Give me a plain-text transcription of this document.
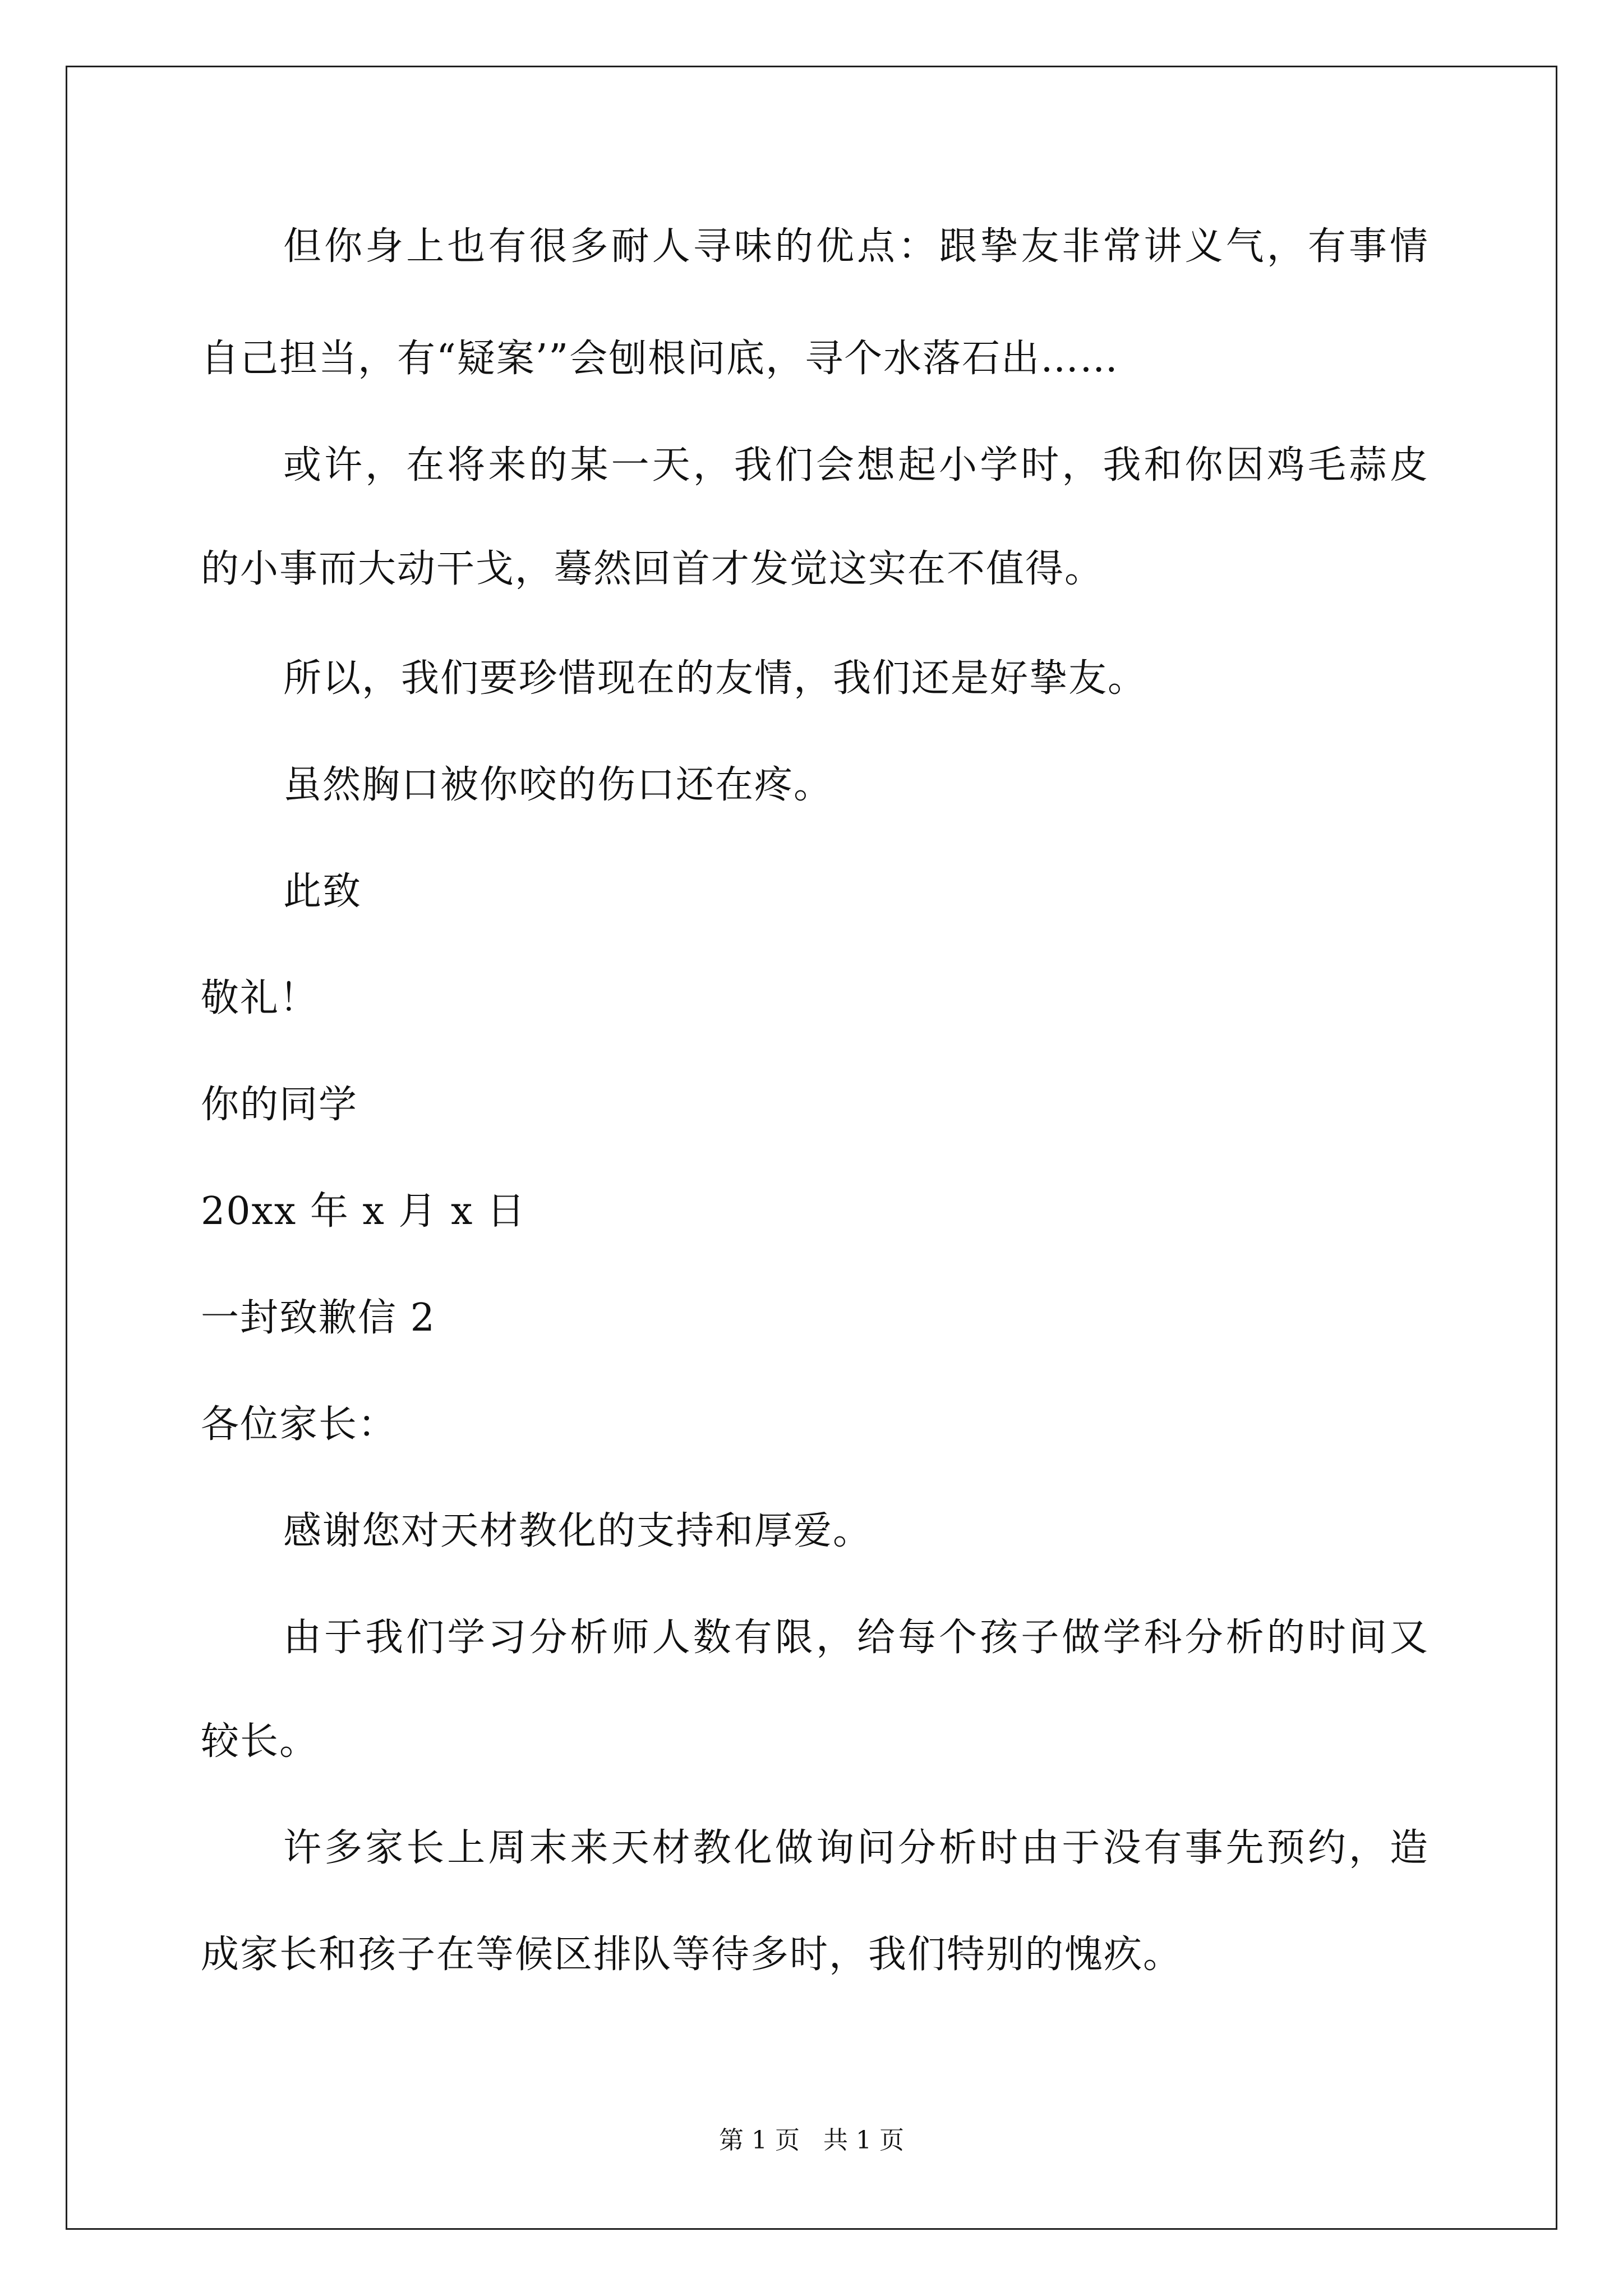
但你身上也有很多耐人寻味的优点：跟挚友非常讲义气，有事情
自己担当，有“疑案’”会刨根问底，寻个水落石出……
或许，在将来的某一天，我们会想起小学时，我和你因鸡毛蒜皮
的小事而大动干戈，蓦然回首才发觉这实在不值得。
所以，我们要珍惜现在的友情，我们还是好挚友。
虽然胸口被你咬的伤口还在疼。
此致
敬礼！
你的同学
20xx 年 x 月 x 日
一封致歉信 2
各位家长：
感谢您对天材教化的支持和厚爱。
由于我们学习分析师人数有限，给每个孩子做学科分析的时间又
较长。
许多家长上周末来天材教化做询问分析时由于没有事先预约，造
成家长和孩子在等候区排队等待多时，我们特别的愧疚。
第 1 页   共 1 页
